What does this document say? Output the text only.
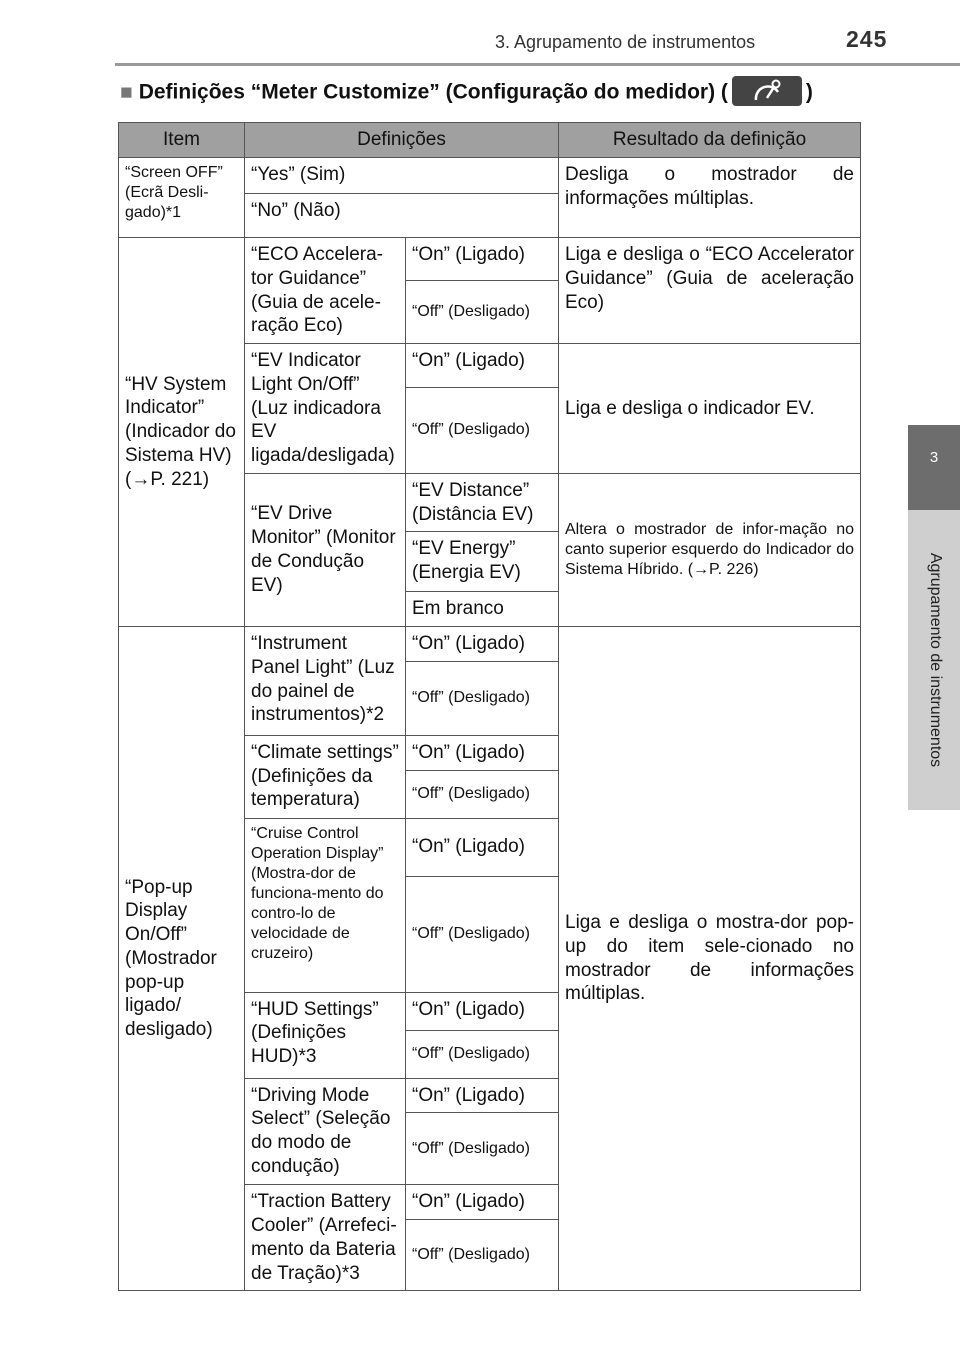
3. Agrupamento de instrumentos	245
3
Agrupamento de instrumentos
■ Definições “Meter Customize” (Configuração do medidor) (	)
Item	Definições		Resultado da definição
“Screen OFF” (Ecrã Desli-gado)*1	“Yes” (Sim)		Desliga o mostrador de informações múltiplas.
	“No” (Não)		
“HV System Indicator” (Indicador do Sistema HV) (→P. 221)	“ECO Accelera-tor Guidance” (Guia de acele-ração Eco)	“On” (Ligado)	Liga e desliga o “ECO Accelerator Guidance” (Guia de aceleração Eco)
		“Off” (Desligado)	
	“EV Indicator Light On/Off” (Luz indicadora EV ligada/desligada)	“On” (Ligado)	Liga e desliga o indicador EV.
		“Off” (Desligado)	
	“EV Drive Monitor” (Monitor de Condução EV)	“EV Distance” (Distância EV)	Altera o mostrador de infor-mação no canto superior esquerdo do Indicador do Sistema Híbrido. (→P. 226)
		“EV Energy” (Energia EV)	
		Em branco	
“Pop-up Display On/Off” (Mostrador pop-up ligado/ desligado)	“Instrument Panel Light” (Luz do painel de instrumentos)*2	“On” (Ligado)	Liga e desliga o mostra-dor pop-up do item sele-cionado no mostrador de informações múltiplas.
		“Off” (Desligado)	
	“Climate settings” (Definições da temperatura)	“On” (Ligado)	
		“Off” (Desligado)	
	“Cruise Control Operation Display” (Mostra-dor de funciona-mento do contro-lo de velocidade de cruzeiro)	“On” (Ligado)	
		“Off” (Desligado)	
	“HUD Settings” (Definições HUD)*3	“On” (Ligado)	
		“Off” (Desligado)	
	“Driving Mode Select” (Seleção do modo de condução)	“On” (Ligado)	
		“Off” (Desligado)	
	“Traction Battery Cooler” (Arrefeci-mento da Bateria de Tração)*3	“On” (Ligado)	
		“Off” (Desligado)	
